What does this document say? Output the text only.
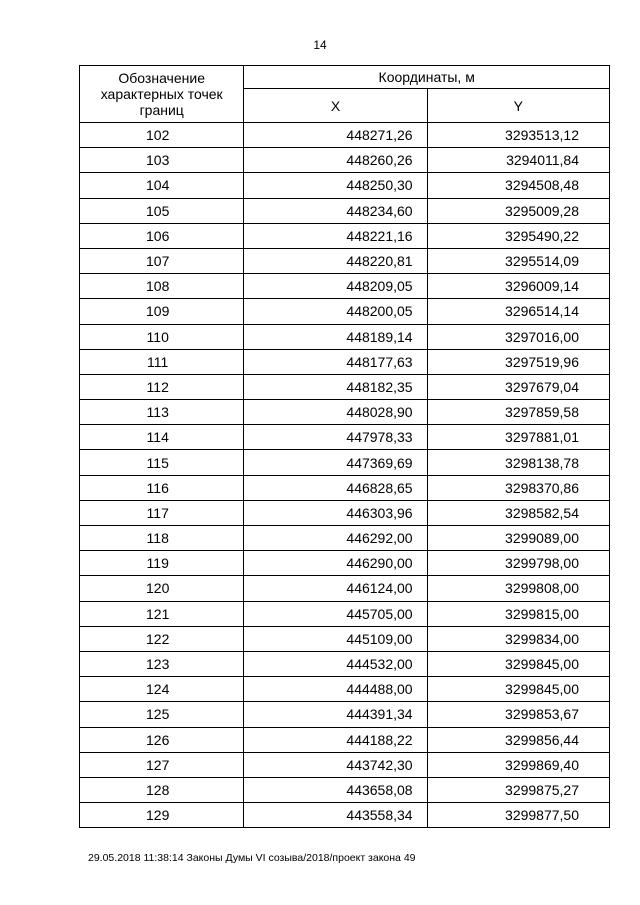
14
Обозначение характерных точек границ	Координаты, м	
	X	Y
102	448271,26	3293513,12
103	448260,26	3294011,84
104	448250,30	3294508,48
105	448234,60	3295009,28
106	448221,16	3295490,22
107	448220,81	3295514,09
108	448209,05	3296009,14
109	448200,05	3296514,14
110	448189,14	3297016,00
111	448177,63	3297519,96
112	448182,35	3297679,04
113	448028,90	3297859,58
114	447978,33	3297881,01
115	447369,69	3298138,78
116	446828,65	3298370,86
117	446303,96	3298582,54
118	446292,00	3299089,00
119	446290,00	3299798,00
120	446124,00	3299808,00
121	445705,00	3299815,00
122	445109,00	3299834,00
123	444532,00	3299845,00
124	444488,00	3299845,00
125	444391,34	3299853,67
126	444188,22	3299856,44
127	443742,30	3299869,40
128	443658,08	3299875,27
129	443558,34	3299877,50
29.05.2018 11:38:14 Законы Думы VI созыва/2018/проект закона 49
